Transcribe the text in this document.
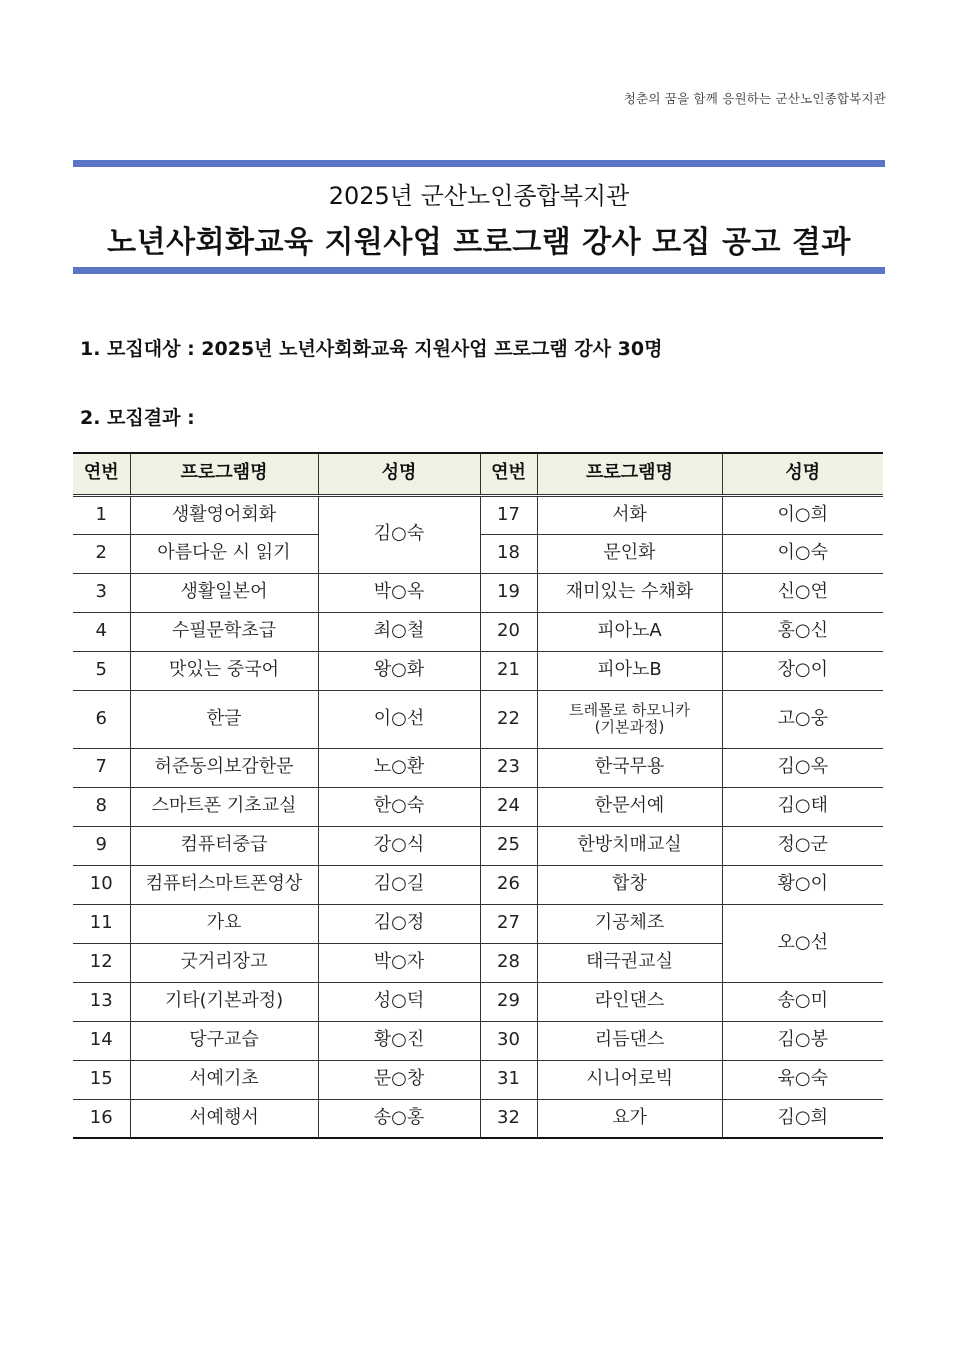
청춘의 꿈을 함께 응원하는 군산노인종합복지관
2025년 군산노인종합복지관
노년사회화교육 지원사업 프로그램 강사 모집 공고 결과
1. 모집대상 : 2025년 노년사회화교육 지원사업 프로그램 강사 30명
2. 모집결과 :
연번	프로그램명	성명	연번	프로그램명	성명
1	생활영어회화	김○숙	17	서화	이○희
2	아름다운 시 읽기		18	문인화	이○숙
3	생활일본어	박○옥	19	재미있는 수채화	신○연
4	수필문학초급	최○철	20	피아노A	홍○신
5	맛있는 중국어	왕○화	21	피아노B	장○이
6	한글	이○선	22	트레몰로 하모니카
(기본과정)	고○웅
7	허준동의보감한문	노○환	23	한국무용	김○옥
8	스마트폰 기초교실	한○숙	24	한문서예	김○태
9	컴퓨터중급	강○식	25	한방치매교실	정○군
10	컴퓨터스마트폰영상	김○길	26	합창	황○이
11	가요	김○정	27	기공체조	오○선
12	굿거리장고	박○자	28	태극권교실	
13	기타(기본과정)	성○덕	29	라인댄스	송○미
14	당구교습	황○진	30	리듬댄스	김○봉
15	서예기초	문○창	31	시니어로빅	육○숙
16	서예행서	송○홍	32	요가	김○희
